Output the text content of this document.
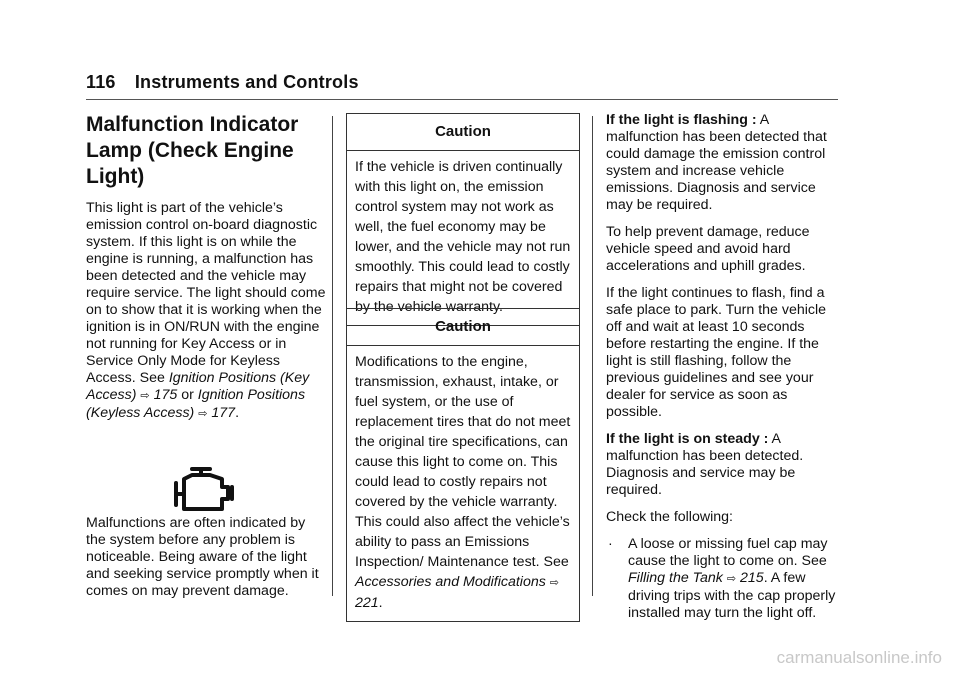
116 Instruments and Controls
Malfunction Indicator Lamp (Check Engine Light)

This light is part of the vehicle’s emission control on-board diagnostic system. If this light is on while the engine is running, a malfunction has been detected and the vehicle may require service. The light should come on to show that it is working when the ignition is in ON/RUN with the engine not running for Key Access or in Service Only Mode for Keyless Access. See Ignition Positions (Key Access) ⇨ 175 or Ignition Positions (Keyless Access) ⇨ 177.

Malfunctions are often indicated by the system before any problem is noticeable. Being aware of the light and seeking service promptly when it comes on may prevent damage.

Caution
If the vehicle is driven continually with this light on, the emission control system may not work as well, the fuel economy may be lower, and the vehicle may not run smoothly. This could lead to costly repairs that might not be covered by the vehicle warranty.
Caution
Modifications to the engine, transmission, exhaust, intake, or fuel system, or the use of replacement tires that do not meet the original tire specifications, can cause this light to come on. This could lead to costly repairs not covered by the vehicle warranty. This could also affect the vehicle’s ability to pass an Emissions Inspection/ Maintenance test. See Accessories and Modifications ⇨ 221.

If the light is flashing : A malfunction has been detected that could damage the emission control system and increase vehicle emissions. Diagnosis and service may be required.

To help prevent damage, reduce vehicle speed and avoid hard accelerations and uphill grades.

If the light continues to flash, find a safe place to park. Turn the vehicle off and wait at least 10 seconds before restarting the engine. If the light is still flashing, follow the previous guidelines and see your dealer for service as soon as possible.

If the light is on steady : A malfunction has been detected. Diagnosis and service may be required.

Check the following:

· A loose or missing fuel cap may cause the light to come on. See Filling the Tank ⇨ 215. A few driving trips with the cap properly installed may turn the light off.
carmanualsonline.info
